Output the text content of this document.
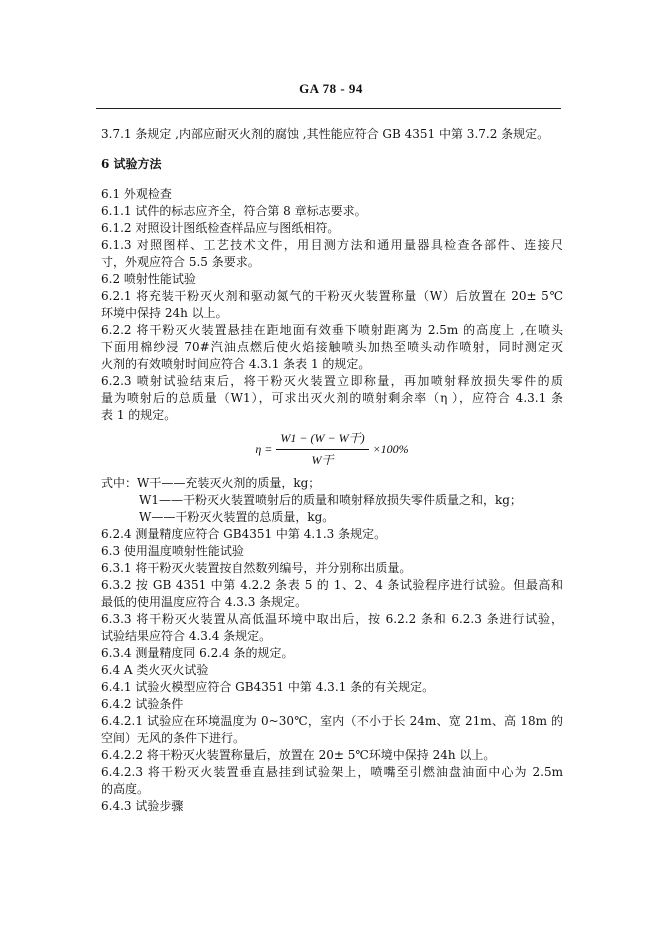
GA 78 - 94

3.7.1 条规定 ,内部应耐灭火剂的腐蚀 ,其性能应符合 GB 4351 中第 3.7.2 条规定。

6 试验方法

6.1 外观检查

6.1.1 试件的标志应齐全，符合第 8 章标志要求。

6.1.2 对照设计图纸检查样品应与图纸相符。

6.1.3 对照图样、工艺技术文件，用目测方法和通用量器具检查各部件、连接尺

寸，外观应符合 5.5 条要求。

6.2 喷射性能试验

6.2.1 将充装干粉灭火剂和驱动氮气的干粉灭火装置称量（W）后放置在 20± 5℃

环境中保持 24h 以上。

6.2.2 将干粉灭火装置悬挂在距地面有效垂下喷射距离为 2.5m 的高度上 ,在喷头

下面用棉纱浸 70#汽油点燃后使火焰接触喷头加热至喷头动作喷射，同时测定灭

火剂的有效喷射时间应符合 4.3.1 条表 1 的规定。

6.2.3 喷射试验结束后，将干粉灭火装置立即称量，再加喷射释放损失零件的质

量为喷射后的总质量（W1），可求出灭火剂的喷射剩余率（η ），应符合 4.3.1 条

表 1 的规定。

$\eta = \frac{\text{W1 − (W − W干)}}{\text{W干}} \times 100\%$

式中：W干——充装灭火剂的质量，kg；

W1——干粉灭火装置喷射后的质量和喷射释放损失零件质量之和，kg；

W——干粉灭火装置的总质量，kg。

6.2.4 测量精度应符合 GB4351 中第 4.1.3 条规定。

6.3 使用温度喷射性能试验

6.3.1 将干粉灭火装置按自然数列编号，并分别称出质量。

6.3.2 按 GB 4351 中第 4.2.2 条表 5 的 1、2、4 条试验程序进行试验。但最高和

最低的使用温度应符合 4.3.3 条规定。

6.3.3 将干粉灭火装置从高低温环境中取出后，按 6.2.2 条和 6.2.3 条进行试验，

试验结果应符合 4.3.4 条规定。

6.3.4 测量精度同 6.2.4 条的规定。

6.4 A 类火灭火试验

6.4.1 试验火模型应符合 GB4351 中第 4.3.1 条的有关规定。

6.4.2 试验条件

6.4.2.1 试验应在环境温度为 0~30℃，室内（不小于长 24m、宽 21m、高 18m 的

空间）无风的条件下进行。

6.4.2.2 将干粉灭火装置称量后，放置在 20± 5℃环境中保持 24h 以上。

6.4.2.3 将干粉灭火装置垂直悬挂到试验架上，喷嘴至引燃油盘油面中心为 2.5m

的高度。

6.4.3 试验步骤
